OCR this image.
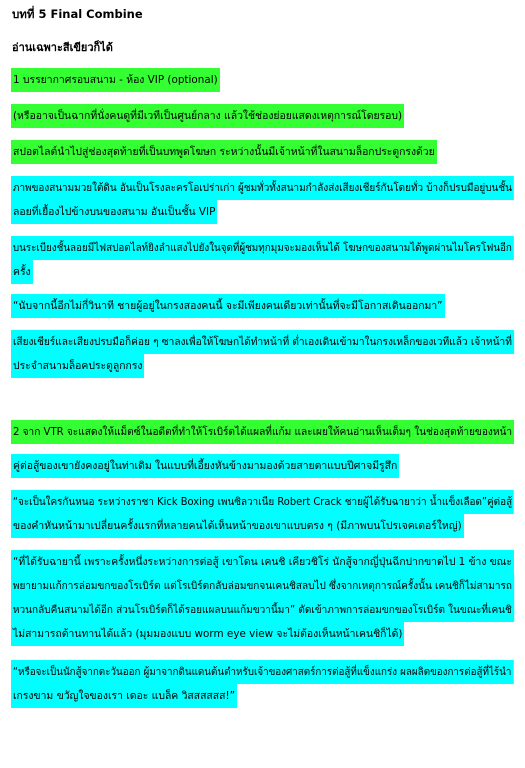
บทที่ 5 Final Combine
อ่านเฉพาะสีเขียวก็ได้
1 บรรยากาศรอบสนาม - ห้อง VIP (optional)
(หรืออาจเป็นฉากที่นั่งคนดูที่มีเวทีเป็นศูนย์กลาง แล้วใช้ช่องย่อยแสดงเหตุการณ์โดยรอบ)
สปอตไลต์นำไปสู่ช่องสุดท้ายที่เป็นบทพูดโฆษก ระหว่างนั้นมีเจ้าหน้าที่ในสนามล็อกประตูกรงด้วย
ภาพของสนามมวยใต้ดิน อันเป็นโรงละครโอเปร่าเก่า ผู้ชมทั่วทั้งสนามกำลังส่งเสียงเชียร์กันโดยทั่ว บ้างก็ปรบมือยู่บนชั้น
ลอยที่เยื้องไปข้างบนของสนาม อันเป็นชั้น VIP
บนระเบียงชั้นลอยมีไฟสปอตไลท์ยิงลำแสงไปยังในจุดที่ผู้ชมทุกมุมจะมองเห็นได้ โฆษกของสนามได้พูดผ่านไมโครโฟนอีก
ครั้ง
“นับจากนี้อีกไม่กี่วินาที ชายผู้อยู่ในกรงสองคนนี้ จะมีเพียงคนเดียวเท่านั้นที่จะมีโอกาสเดินออกมา”
เสียงเชียร์และเสียงปรบมือก็ค่อย ๆ ซาลงเพื่อให้โฆษกได้ทำหน้าที่ ต่ำเองเดินเข้ามาในกรงเหล็กของเวทีแล้ว เจ้าหน้าที่
ประจำสนามล็อคประตูลูกกรง
2 จาก VTR จะแสดงให้แม็ตซ์ในอดีตที่ทำให้โรเบิร์ตได้แผลที่แก้ม และเผยให้คนอ่านเห็นเต็มๆ ในช่องสุดท้ายของหน้า
คู่ต่อสู้ของเขายังคงอยู่ในท่าเดิม ในแบบที่เอี้ยงหันข้างมามองด้วยสายตาแบบปีศาจมีรูสึก
“จะเป็นใครกันหนอ ระหว่างราชา Kick Boxing เพนซิลวาเนีย Robert Crack ชายผู้ได้รับฉายาว่า น้ำแข็งเลือด”คู่ต่อสู้
ของคำหันหน้ามาเปลี่ยนครั้งแรกที่หลายคนได้เห็นหน้าของเขาแบบตรง ๆ (มีภาพบนโปรเจคเตอร์ใหญ่)
“ที่ได้รับฉายานี้ เพราะครั้งหนึ่งระหว่างการต่อสู้ เขาโดน เคนชิ เคียวชิโร่ นักสู้จากญี่ปุ่นฉีกปากขาดไป 1 ข้าง ขณะ
พยายามแก้การล่อมขกของโรเบิร์ต แต่โรเบิร์ตกลับล่อมขกจนเคนชิสลบไป ซึ่งจากเหตุการณ์ครั้งนั้น เคนชิก็ไม่สามารถ
หวนกลับคืนสนามได้อีก ส่วนโรเบิร์ตก็ได้รอยแผลบนแก้มขวานี้มา” ตัดเข้าภาพการล่อมขกของโรเบิร์ต ในขณะที่เคนชิ
ไม่สามารถต้านทานได้แล้ว (มุมมองแบบ worm eye view จะไม่ต้องเห็นหน้าเคนชิก็ได้)
“หรือจะเป็นนักสู้จากตะวันออก ผู้มาจากดินแดนต้นตำหรับเจ้าของศาสตร์การต่อสู้ที่แข็งแกร่ง ผลผลิตของการต่อสู้ที่ไร้นำ
เกรงขาม ขวัญใจของเรา เดอะ แบล็ค วิสสสสสส!”
